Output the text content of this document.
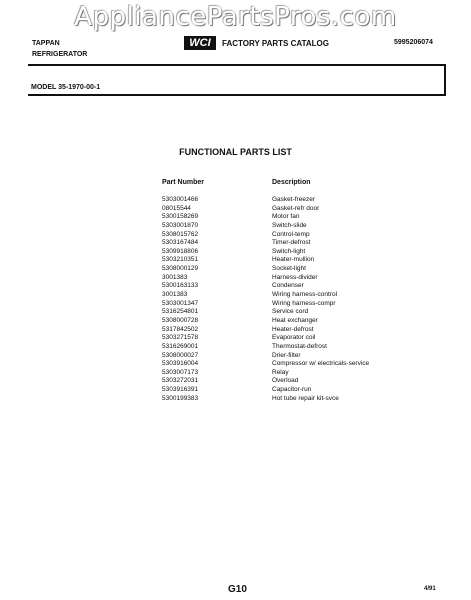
AppliancePartsPros.com
TAPPAN
REFRIGERATOR
WCI	FACTORY PARTS CATALOG	5995206074
MODEL 35-1970-00-1
FUNCTIONAL PARTS LIST
Part Number	Description
5303001466	Gasket-freezer
08015544	Gasket-refr door
5300158269	Motor fan
5303001870	Switch-slide
5308015762	Control-temp
5303167484	Timer-defrost
5309918806	Switch-light
5303210351	Heater-mullion
5308000129	Socket-light
3001383	Harness-divider
5300163133	Condenser
3001383	Wiring harness-control
5303001347	Wiring harness-compr
5316254801	Service cord
5308000728	Heat exchanger
5317842502	Heater-defrost
5303271578	Evaporator coil
5316269001	Thermostat-defrost
5308000027	Drier-filter
5303916004	Compressor w/ electricals-service
5303007173	Relay
5303272031	Overload
5303916391	Capacitor-run
5300199383	Hot tube repair kit-svce
G10	4/91
